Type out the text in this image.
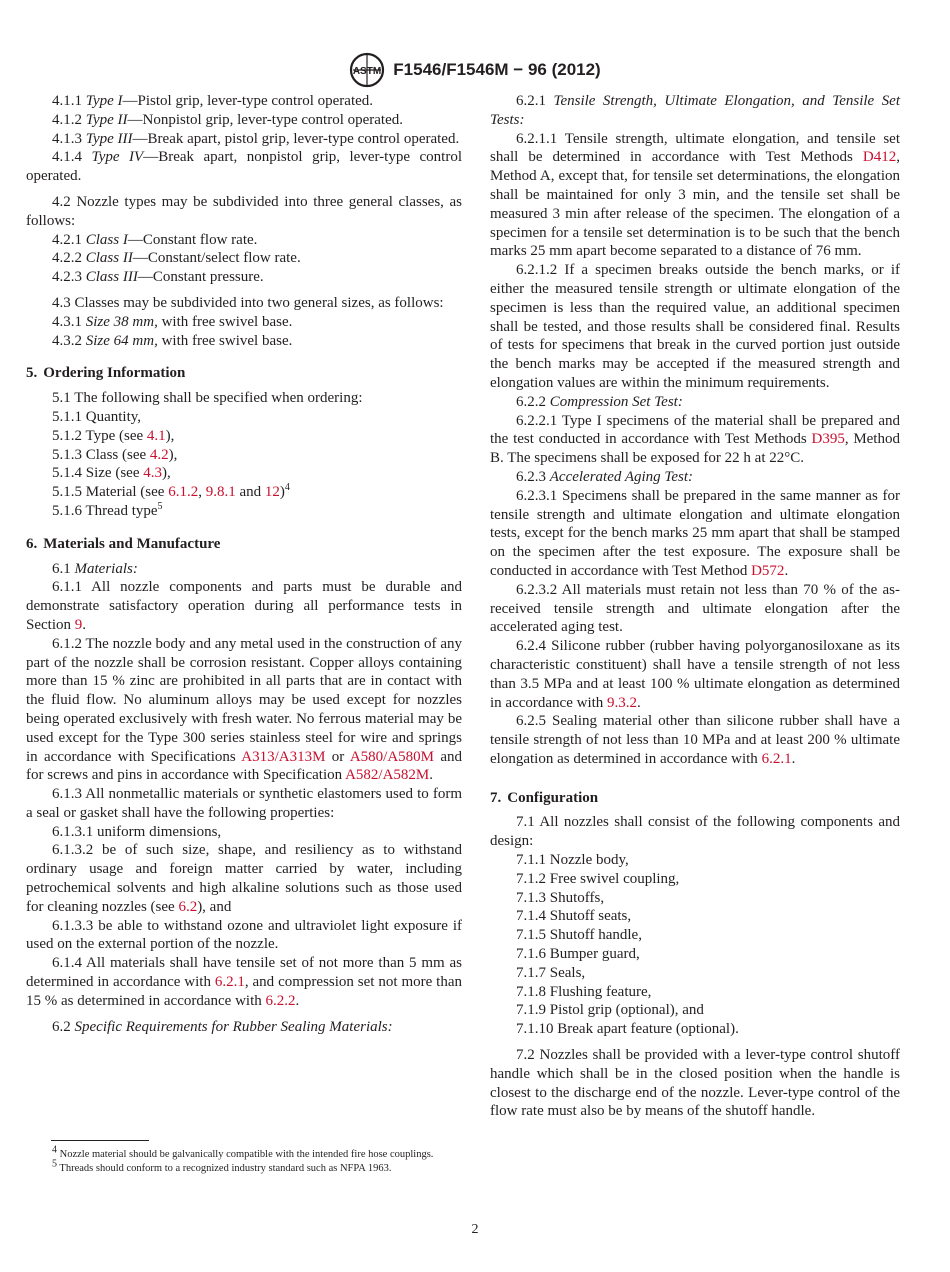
ASTM F1546/F1546M − 96 (2012)

4.1.1 Type I—Pistol grip, lever-type control operated.

4.1.2 Type II—Nonpistol grip, lever-type control operated.

4.1.3 Type III—Break apart, pistol grip, lever-type control operated.

4.1.4 Type IV—Break apart, nonpistol grip, lever-type control operated.

4.2 Nozzle types may be subdivided into three general classes, as follows:

4.2.1 Class I—Constant flow rate.

4.2.2 Class II—Constant/select flow rate.

4.2.3 Class III—Constant pressure.

4.3 Classes may be subdivided into two general sizes, as follows:

4.3.1 Size 38 mm, with free swivel base.

4.3.2 Size 64 mm, with free swivel base.

5. Ordering Information

5.1 The following shall be specified when ordering:

5.1.1 Quantity,

5.1.2 Type (see 4.1),

5.1.3 Class (see 4.2),

5.1.4 Size (see 4.3),

5.1.5 Material (see 6.1.2, 9.8.1 and 12)$^4$

5.1.6 Thread type$^5$

6. Materials and Manufacture

6.1 Materials:

6.1.1 All nozzle components and parts must be durable and demonstrate satisfactory operation during all performance tests in Section 9.

6.1.2 The nozzle body and any metal used in the construction of any part of the nozzle shall be corrosion resistant. Copper alloys containing more than 15 % zinc are prohibited in all parts that are in contact with the fluid flow. No aluminum alloys may be used except for nozzles being operated exclusively with fresh water. No ferrous material may be used except for the Type 300 series stainless steel for wire and springs in accordance with Specifications A313/A313M or A580/A580M and for screws and pins in accordance with Specification A582/A582M.

6.1.3 All nonmetallic materials or synthetic elastomers used to form a seal or gasket shall have the following properties:

6.1.3.1 uniform dimensions,

6.1.3.2 be of such size, shape, and resiliency as to withstand ordinary usage and foreign matter carried by water, including petrochemical solvents and high alkaline solutions such as those used for cleaning nozzles (see 6.2), and

6.1.3.3 be able to withstand ozone and ultraviolet light exposure if used on the external portion of the nozzle.

6.1.4 All materials shall have tensile set of not more than 5 mm as determined in accordance with 6.2.1, and compression set not more than 15 % as determined in accordance with 6.2.2.

6.2 Specific Requirements for Rubber Sealing Materials:

6.2.1 Tensile Strength, Ultimate Elongation, and Tensile Set Tests:

6.2.1.1 Tensile strength, ultimate elongation, and tensile set shall be determined in accordance with Test Methods D412, Method A, except that, for tensile set determinations, the elongation shall be maintained for only 3 min, and the tensile set shall be measured 3 min after release of the specimen. The elongation of a specimen for a tensile set determination is to be such that the bench marks 25 mm apart become separated to a distance of 76 mm.

6.2.1.2 If a specimen breaks outside the bench marks, or if either the measured tensile strength or ultimate elongation of the specimen is less than the required value, an additional specimen shall be tested, and those results shall be considered final. Results of tests for specimens that break in the curved portion just outside the bench marks may be accepted if the measured strength and elongation values are within the minimum requirements.

6.2.2 Compression Set Test:

6.2.2.1 Type I specimens of the material shall be prepared and the test conducted in accordance with Test Methods D395, Method B. The specimens shall be exposed for 22 h at 22°C.

6.2.3 Accelerated Aging Test:

6.2.3.1 Specimens shall be prepared in the same manner as for tensile strength and ultimate elongation and ultimate elongation tests, except for the bench marks 25 mm apart that shall be stamped on the specimen after the test exposure. The exposure shall be conducted in accordance with Test Method D572.

6.2.3.2 All materials must retain not less than 70 % of the as-received tensile strength and ultimate elongation after the accelerated aging test.

6.2.4 Silicone rubber (rubber having polyorganosiloxane as its characteristic constituent) shall have a tensile strength of not less than 3.5 MPa and at least 100 % ultimate elongation as determined in accordance with 9.3.2.

6.2.5 Sealing material other than silicone rubber shall have a tensile strength of not less than 10 MPa and at least 200 % ultimate elongation as determined in accordance with 6.2.1.

7. Configuration

7.1 All nozzles shall consist of the following components and design:

7.1.1 Nozzle body,

7.1.2 Free swivel coupling,

7.1.3 Shutoffs,

7.1.4 Shutoff seats,

7.1.5 Shutoff handle,

7.1.6 Bumper guard,

7.1.7 Seals,

7.1.8 Flushing feature,

7.1.9 Pistol grip (optional), and

7.1.10 Break apart feature (optional).

7.2 Nozzles shall be provided with a lever-type control shutoff handle which shall be in the closed position when the handle is closest to the discharge end of the nozzle. Lever-type control of the flow rate must also be by means of the shutoff handle.

$^4$ Nozzle material should be galvanically compatible with the intended fire hose couplings.

$^5$ Threads should conform to a recognized industry standard such as NFPA 1963.

2
